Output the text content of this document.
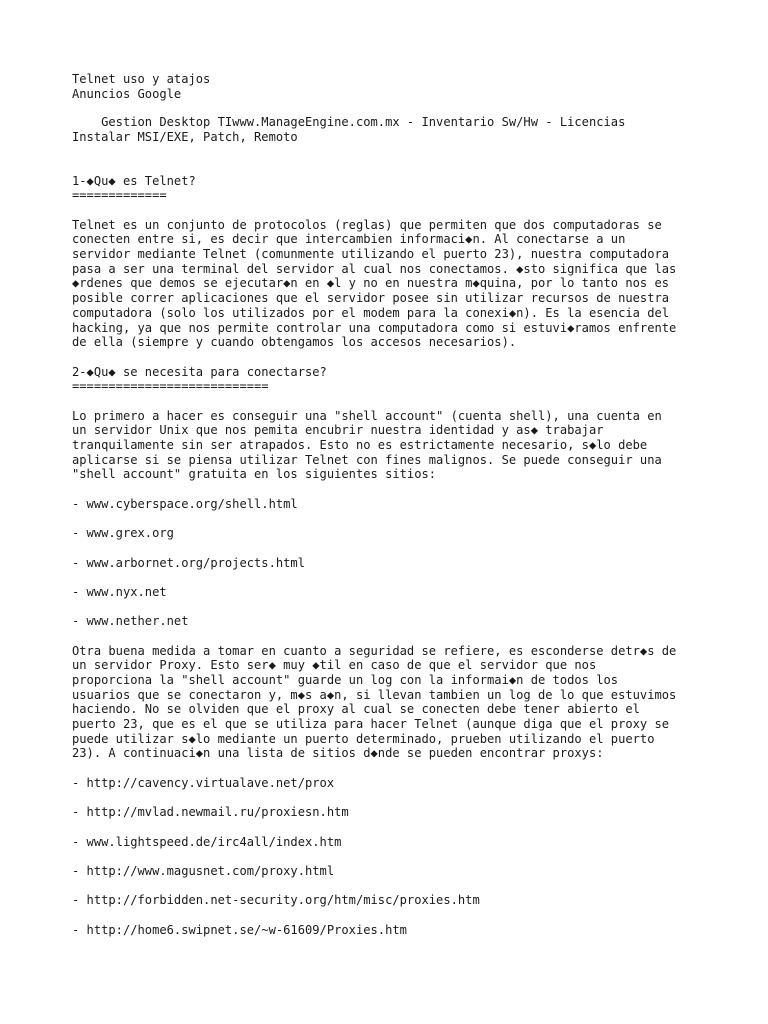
Telnet uso y atajos
Anuncios Google
Gestion Desktop TIwww.ManageEngine.com.mx - Inventario Sw/Hw - Licencias
Instalar MSI/EXE, Patch, Remoto
1-◆Qu◆ es Telnet?
=============
Telnet es un conjunto de protocolos (reglas) que permiten que dos computadoras se
conecten entre si, es decir que intercambien informaci◆n. Al conectarse a un
servidor mediante Telnet (comunmente utilizando el puerto 23), nuestra computadora
pasa a ser una terminal del servidor al cual nos conectamos. ◆sto significa que las
◆rdenes que demos se ejecutar◆n en ◆l y no en nuestra m◆quina, por lo tanto nos es
posible correr aplicaciones que el servidor posee sin utilizar recursos de nuestra
computadora (solo los utilizados por el modem para la conexi◆n). Es la esencia del
hacking, ya que nos permite controlar una computadora como si estuvi◆ramos enfrente
de ella (siempre y cuando obtengamos los accesos necesarios).
2-◆Qu◆ se necesita para conectarse?
===========================
Lo primero a hacer es conseguir una "shell account" (cuenta shell), una cuenta en
un servidor Unix que nos pemita encubrir nuestra identidad y as◆ trabajar
tranquilamente sin ser atrapados. Esto no es estrictamente necesario, s◆lo debe
aplicarse si se piensa utilizar Telnet con fines malignos. Se puede conseguir una
"shell account" gratuita en los siguientes sitios:
- www.cyberspace.org/shell.html
- www.grex.org
- www.arbornet.org/projects.html
- www.nyx.net
- www.nether.net
Otra buena medida a tomar en cuanto a seguridad se refiere, es esconderse detr◆s de
un servidor Proxy. Esto ser◆ muy ◆til en caso de que el servidor que nos
proporciona la "shell account" guarde un log con la informai◆n de todos los
usuarios que se conectaron y, m◆s a◆n, si llevan tambien un log de lo que estuvimos
haciendo. No se olviden que el proxy al cual se conecten debe tener abierto el
puerto 23, que es el que se utiliza para hacer Telnet (aunque diga que el proxy se
puede utilizar s◆lo mediante un puerto determinado, prueben utilizando el puerto
23). A continuaci◆n una lista de sitios d◆nde se pueden encontrar proxys:
- http://cavency.virtualave.net/prox
- http://mvlad.newmail.ru/proxiesn.htm
- www.lightspeed.de/irc4all/index.htm
- http://www.magusnet.com/proxy.html
- http://forbidden.net-security.org/htm/misc/proxies.htm
- http://home6.swipnet.se/~w-61609/Proxies.htm
